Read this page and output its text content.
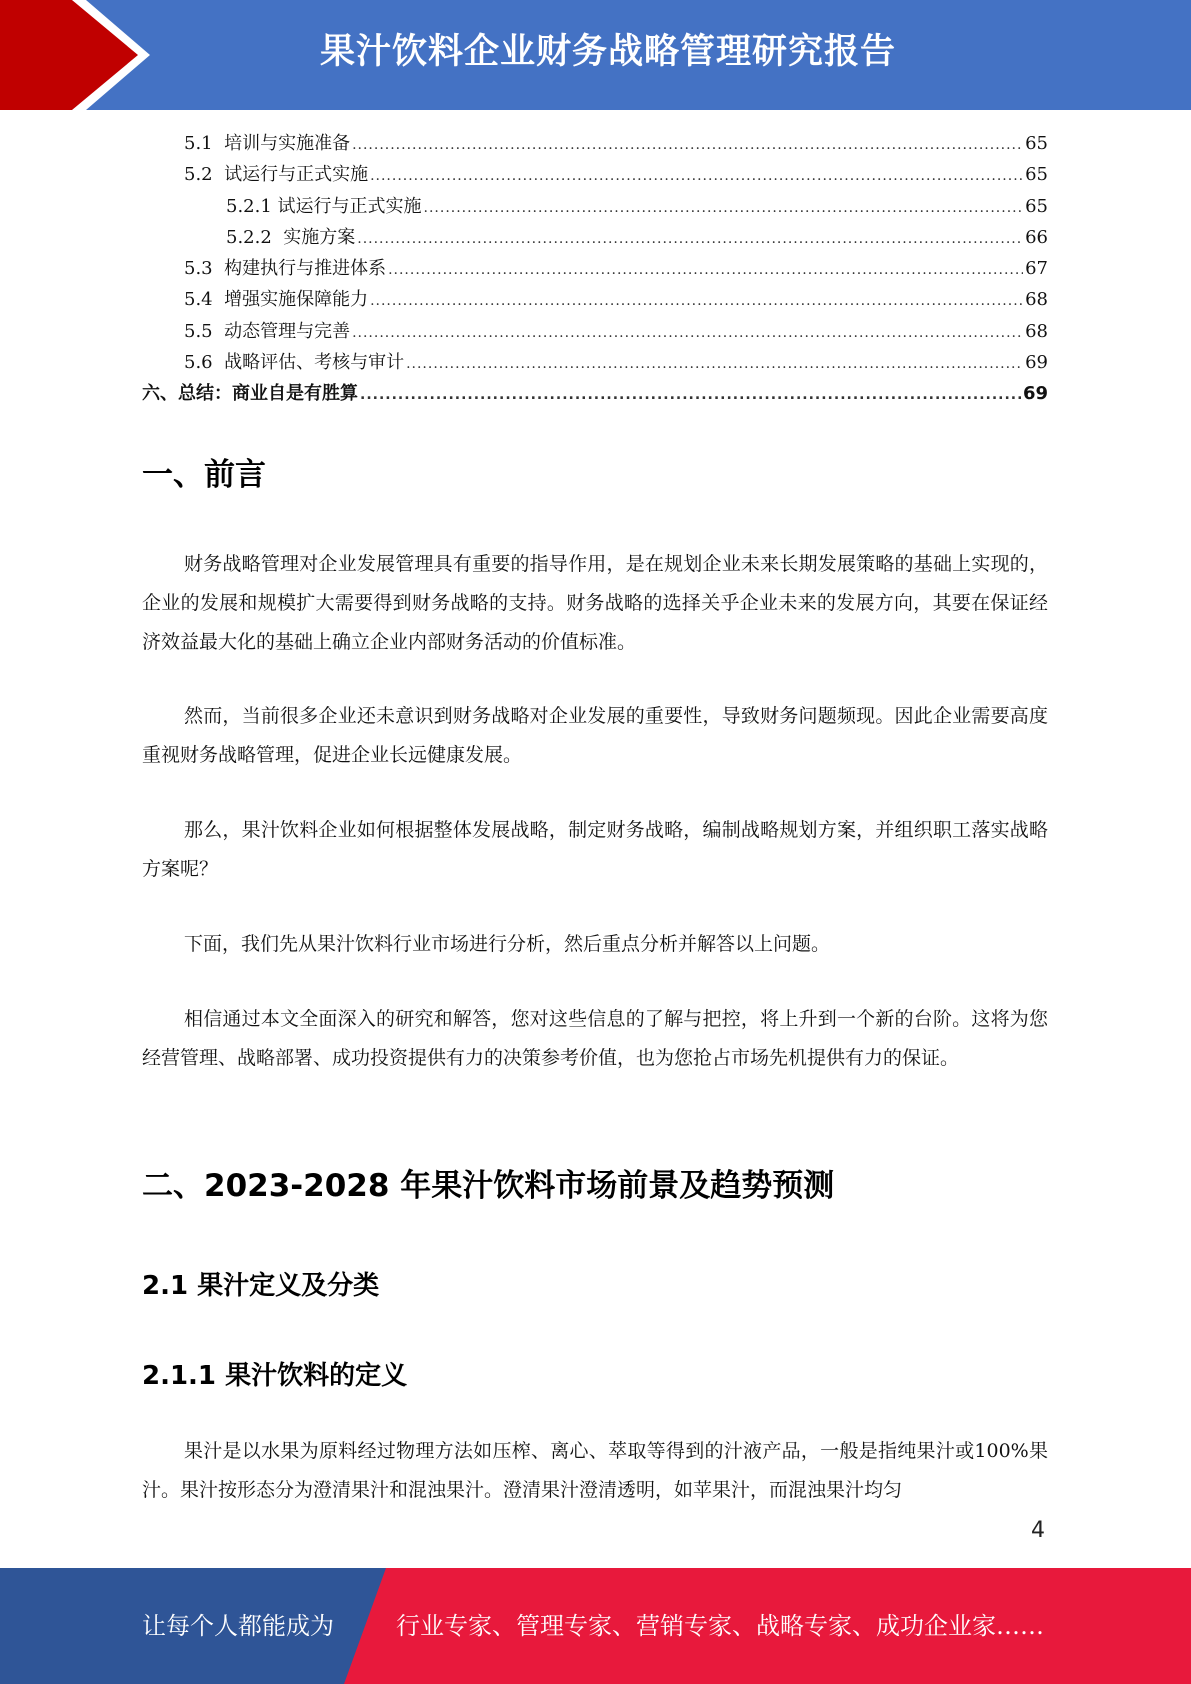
果汁饮料企业财务战略管理研究报告
5.1  培训与实施准备 .....	65
5.2  试运行与正式实施 .....	65
5.2.1 试运行与正式实施 .....	65
5.2.2  实施方案 .....	66
5.3  构建执行与推进体系 .....	67
5.4  增强实施保障能力 .....	68
5.5  动态管理与完善 .....	68
5.6  战略评估、考核与审计 .....	69
六、总结：商业自是有胜算 .....	69
一、前言
财务战略管理对企业发展管理具有重要的指导作用，是在规划企业未来长期发展策略的基础上实现的，企业的发展和规模扩大需要得到财务战略的支持。财务战略的选择关乎企业未来的发展方向，其要在保证经济效益最大化的基础上确立企业内部财务活动的价值标准。
然而，当前很多企业还未意识到财务战略对企业发展的重要性，导致财务问题频现。因此企业需要高度重视财务战略管理，促进企业长远健康发展。
那么，果汁饮料企业如何根据整体发展战略，制定财务战略，编制战略规划方案，并组织职工落实战略方案呢？
下面，我们先从果汁饮料行业市场进行分析，然后重点分析并解答以上问题。
相信通过本文全面深入的研究和解答，您对这些信息的了解与把控，将上升到一个新的台阶。这将为您经营管理、战略部署、成功投资提供有力的决策参考价值，也为您抢占市场先机提供有力的保证。
二、2023-2028 年果汁饮料市场前景及趋势预测
2.1 果汁定义及分类
2.1.1 果汁饮料的定义
果汁是以水果为原料经过物理方法如压榨、离心、萃取等得到的汁液产品，一般是指纯果汁或100%果汁。果汁按形态分为澄清果汁和混浊果汁。澄清果汁澄清透明，如苹果汁，而混浊果汁均匀
4
让每个人都能成为	行业专家、管理专家、营销专家、战略专家、成功企业家……
